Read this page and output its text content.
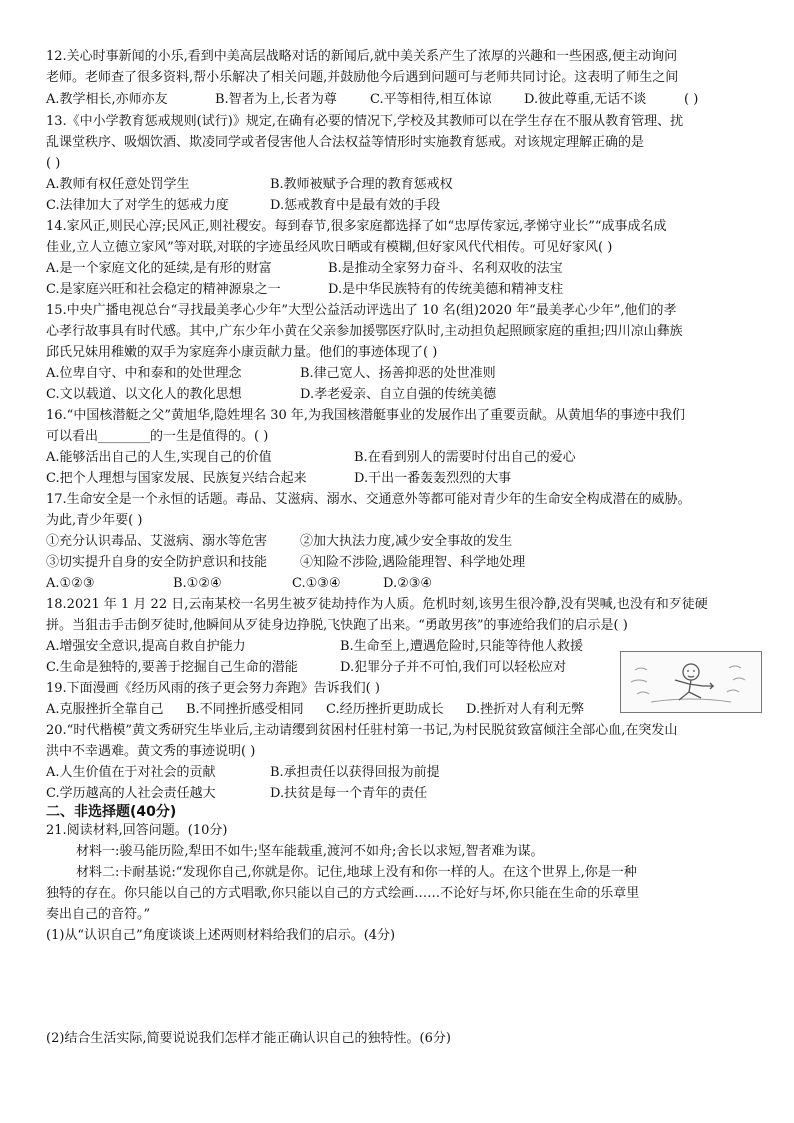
12.关心时事新闻的小乐,看到中美高层战略对话的新闻后,就中美关系产生了浓厚的兴趣和一些困惑,便主动询问
老师。老师查了很多资料,帮小乐解决了相关问题,并鼓励他今后遇到问题可与老师共同讨论。这表明了师生之间
A.教学相长,亦师亦友	B.智者为上,长者为尊	C.平等相待,相互体谅 D.彼此尊重,无话不谈	( )
13.《中小学教育惩戒规则(试行)》规定,在确有必要的情况下,学校及其教师可以在学生存在不服从教育管理、扰
乱课堂秩序、吸烟饮酒、欺凌同学或者侵害他人合法权益等情形时实施教育惩戒。对该规定理解正确的是
( )
A.教师有权任意处罚学生	B.教师被赋予合理的教育惩戒权
C.法律加大了对学生的惩戒力度	D.惩戒教育中是最有效的手段
14.家风正,则民心淳;民风正,则社稷安。每到春节,很多家庭都选择了如“忠厚传家远,孝悌守业长”“成事成名成
佳业,立人立德立家风”等对联,对联的字迹虽经风吹日晒或有模糊,但好家风代代相传。可见好家风( )
A.是一个家庭文化的延续,是有形的财富	B.是推动全家努力奋斗、名利双收的法宝
C.是家庭兴旺和社会稳定的精神源泉之一	D.是中华民族特有的传统美德和精神支柱
15.中央广播电视总台“寻找最美孝心少年”大型公益活动评选出了 10 名(组)2020 年“最美孝心少年”,他们的孝
心孝行故事具有时代感。其中,广东少年小黄在父亲参加援鄂医疗队时,主动担负起照顾家庭的重担;四川凉山彝族
邱氏兄妹用稚嫩的双手为家庭奔小康贡献力量。他们的事迹体现了( )
A.位卑自守、中和泰和的处世理念	B.律己宽人、扬善抑恶的处世准则
C.文以载道、以文化人的教化思想	D.孝老爱亲、自立自强的传统美德
16.“中国核潜艇之父”黄旭华,隐姓埋名 30 年,为我国核潜艇事业的发展作出了重要贡献。从黄旭华的事迹中我们
可以看出________的一生是值得的。( )
A.能够活出自己的人生,实现自己的价值	B.在看到别人的需要时付出自己的爱心
C.把个人理想与国家发展、民族复兴结合起来	D.干出一番轰轰烈烈的大事
17.生命安全是一个永恒的话题。毒品、艾滋病、溺水、交通意外等都可能对青少年的生命安全构成潜在的威胁。
为此,青少年要( )
①充分认识毒品、艾滋病、溺水等危害	②加大执法力度,减少安全事故的发生
③切实提升自身的安全防护意识和技能	④知险不涉险,遇险能理智、科学地处理
A.①②③	B.①②④	C.①③④	D.②③④
18.2021 年 1 月 22 日,云南某校一名男生被歹徒劫持作为人质。危机时刻,该男生很冷静,没有哭喊,也没有和歹徒硬
拼。当狙击手击倒歹徒时,他瞬间从歹徒身边挣脱,飞快跑了出来。“勇敢男孩”的事迹给我们的启示是( )
A.增强安全意识,提高自救自护能力	B.生命至上,遭遇危险时,只能等待他人救援
C.生命是独特的,要善于挖掘自己生命的潜能	D.犯罪分子并不可怕,我们可以轻松应对
19.下面漫画《经历风雨的孩子更会努力奔跑》告诉我们( )
A.克服挫折全靠自己 B.不同挫折感受相同 C.经历挫折更助成长 D.挫折对人有利无弊
20.“时代楷模”黄文秀研究生毕业后,主动请缨到贫困村任驻村第一书记,为村民脱贫致富倾注全部心血,在突发山
洪中不幸遇难。黄文秀的事迹说明( )
A.人生价值在于对社会的贡献	B.承担责任以获得回报为前提
C.学历越高的人社会责任越大	D.扶贫是每一个青年的责任
二、非选择题(40分)
21.阅读材料,回答问题。(10分)
材料一:骏马能历险,犁田不如牛;坚车能载重,渡河不如舟;舍长以求短,智者难为谋。
材料二:卡耐基说:“发现你自己,你就是你。记住,地球上没有和你一样的人。在这个世界上,你是一种
独特的存在。你只能以自己的方式唱歌,你只能以自己的方式绘画……不论好与坏,你只能在生命的乐章里
奏出自己的音符。”
(1)从“认识自己”角度谈谈上述两则材料给我们的启示。(4分)
(2)结合生活实际,简要说说我们怎样才能正确认识自己的独特性。(6分)
